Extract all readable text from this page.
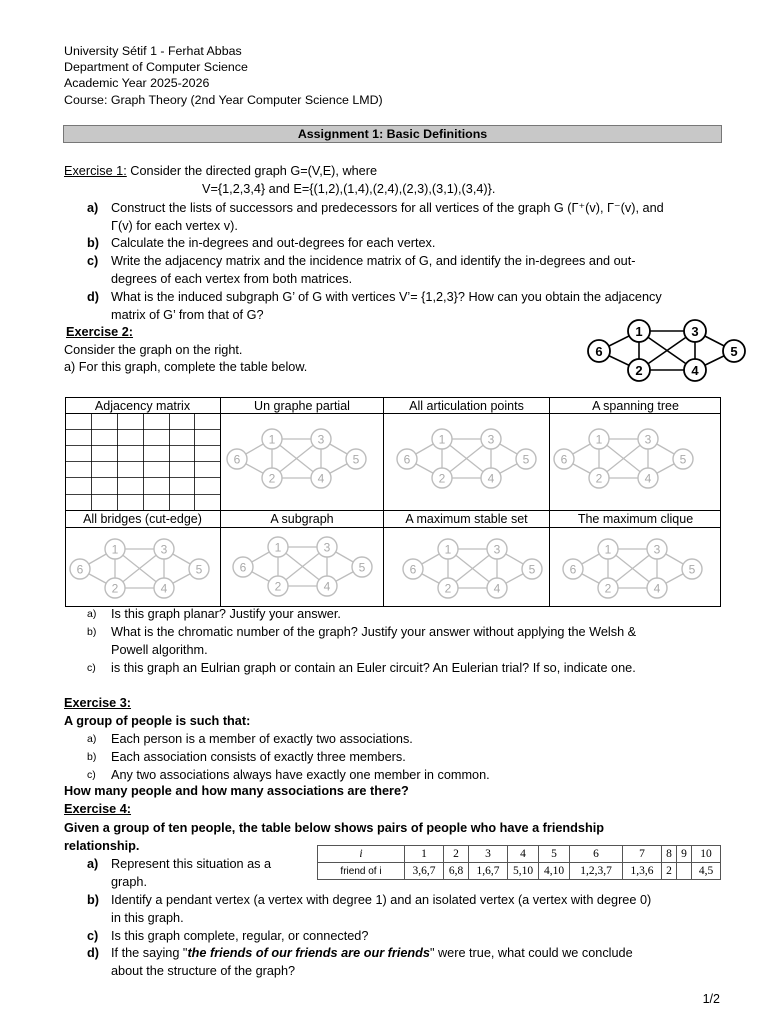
University Sétif 1 - Ferhat Abbas
Department of Computer Science
Academic Year 2025-2026
Course: Graph Theory (2nd Year Computer Science LMD)
Assignment 1: Basic Definitions
Exercise 1: Consider the directed graph G=(V,E), where
V={1,2,3,4} and E={(1,2),(1,4),(2,4),(2,3),(3,1),(3,4)}.
a) Construct the lists of successors and predecessors for all vertices of the graph G (Γ⁺(v), Γ⁻(v), and
Γ(v) for each vertex v).
b) Calculate the in-degrees and out-degrees for each vertex.
c) Write the adjacency matrix and the incidence matrix of G, and identify the in-degrees and out-
degrees of each vertex from both matrices.
d) What is the induced subgraph G’ of G with vertices V’= {1,2,3}? How can you obtain the adjacency
matrix of G’ from that of G?
Exercise 2:
Consider the graph on the right.
a) For this graph, complete the table below.
1
2
3
4
5
6
Adjacency matrix	Un graphe partial	All articulation points	A spanning tree
All bridges (cut-edge)	A subgraph	A maximum stable set	The maximum clique
1
2
3
4
5
6
1
2
3
4
5
6
1
2
3
4
5
6
1
2
3
4
5
6
1
2
3
4
5
6
1
2
3
4
5
6
1
2
3
4
5
6
a) Is this graph planar? Justify your answer.
b) What is the chromatic number of the graph? Justify your answer without applying the Welsh &
Powell algorithm.
c) is this graph an Eulrian graph or contain an Euler circuit? An Eulerian trial? If so, indicate one.
Exercise 3:
A group of people is such that:
a) Each person is a member of exactly two associations.
b) Each association consists of exactly three members.
c) Any two associations always have exactly one member in common.
How many people and how many associations are there?
Exercise 4:
Given a group of ten people, the table below shows pairs of people who have a friendship
relationship.
i	1	2	3	4	5	6	7	8	9	10
friend of i	3,6,7	6,8	1,6,7	5,10	4,10	1,2,3,7	1,3,6	2		4,5
a) Represent this situation as a
graph.
b) Identify a pendant vertex (a vertex with degree 1) and an isolated vertex (a vertex with degree 0)
in this graph.
c) Is this graph complete, regular, or connected?
d) If the saying "the friends of our friends are our friends" were true, what could we conclude
about the structure of the graph?
1/2
